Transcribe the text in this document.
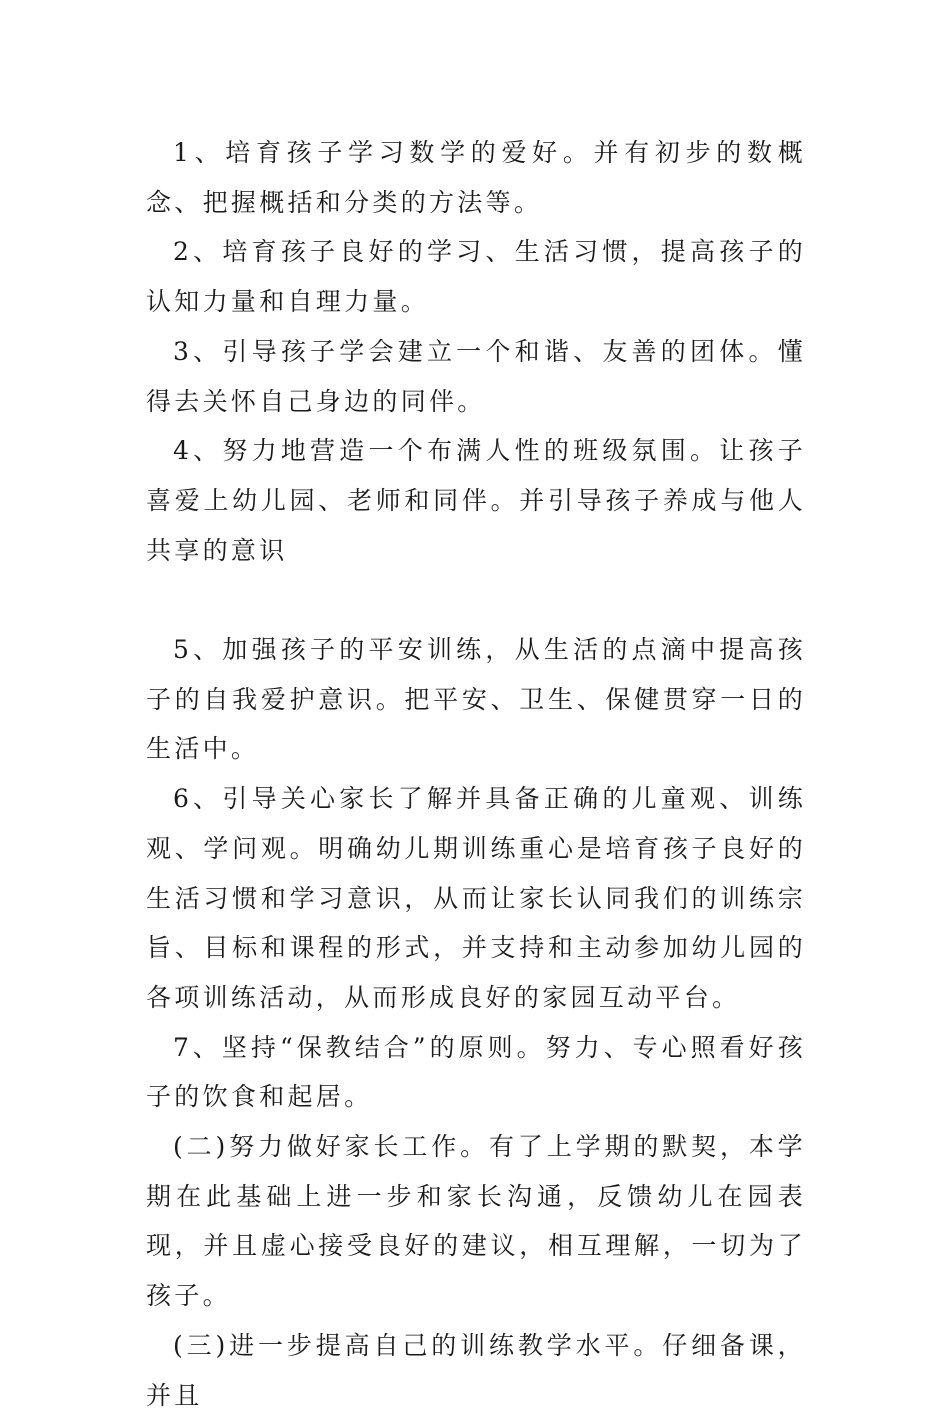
1、培育孩子学习数学的爱好。并有初步的数概念、把握概括和分类的方法等。

2、培育孩子良好的学习、生活习惯，提高孩子的认知力量和自理力量。

3、引导孩子学会建立一个和谐、友善的团体。懂得去关怀自己身边的同伴。

4、努力地营造一个布满人性的班级氛围。让孩子喜爱上幼儿园、老师和同伴。并引导孩子养成与他人共享的意识

5、加强孩子的平安训练，从生活的点滴中提高孩子的自我爱护意识。把平安、卫生、保健贯穿一日的生活中。

6、引导关心家长了解并具备正确的儿童观、训练观、学问观。明确幼儿期训练重心是培育孩子良好的生活习惯和学习意识，从而让家长认同我们的训练宗旨、目标和课程的形式，并支持和主动参加幼儿园的各项训练活动，从而形成良好的家园互动平台。

7、坚持“保教结合”的原则。努力、专心照看好孩子的饮食和起居。

(二)努力做好家长工作。有了上学期的默契，本学期在此基础上进一步和家长沟通，反馈幼儿在园表现，并且虚心接受良好的建议，相互理解，一切为了孩子。

(三)进一步提高自己的训练教学水平。仔细备课，并且
